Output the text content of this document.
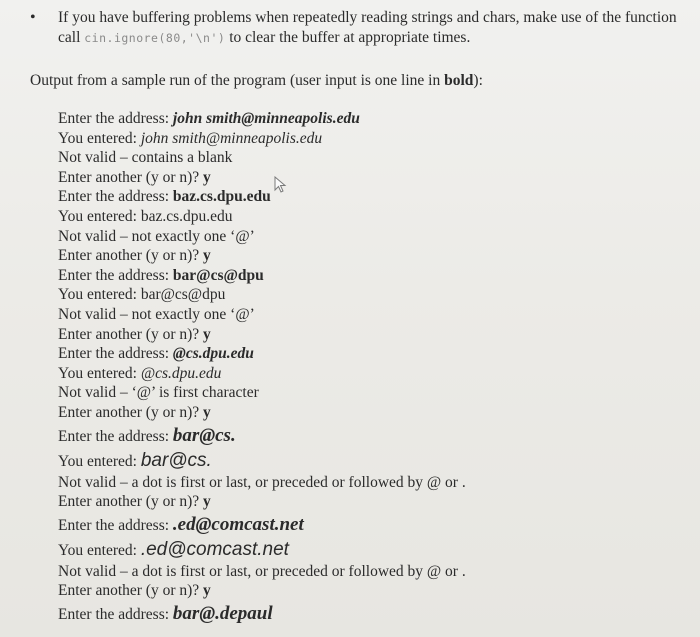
• If you have buffering problems when repeatedly reading strings and chars, make use of the function call cin.ignore(80,'\n') to clear the buffer at appropriate times.
Output from a sample run of the program (user input is one line in bold):
Enter the address: john smith@minneapolis.edu
You entered: john smith@minneapolis.edu
Not valid – contains a blank
Enter another (y or n)? y
Enter the address: baz.cs.dpu.edu
You entered: baz.cs.dpu.edu
Not valid – not exactly one ‘@’
Enter another (y or n)? y
Enter the address: bar@cs@dpu
You entered: bar@cs@dpu
Not valid – not exactly one ‘@’
Enter another (y or n)? y
Enter the address: @cs.dpu.edu
You entered: @cs.dpu.edu
Not valid – ‘@’ is first character
Enter another (y or n)? y
Enter the address: bar@cs.
You entered: bar@cs.
Not valid – a dot is first or last, or preceded or followed by @ or .
Enter another (y or n)? y
Enter the address: .ed@comcast.net
You entered: .ed@comcast.net
Not valid – a dot is first or last, or preceded or followed by @ or .
Enter another (y or n)? y
Enter the address: bar@.depaul
